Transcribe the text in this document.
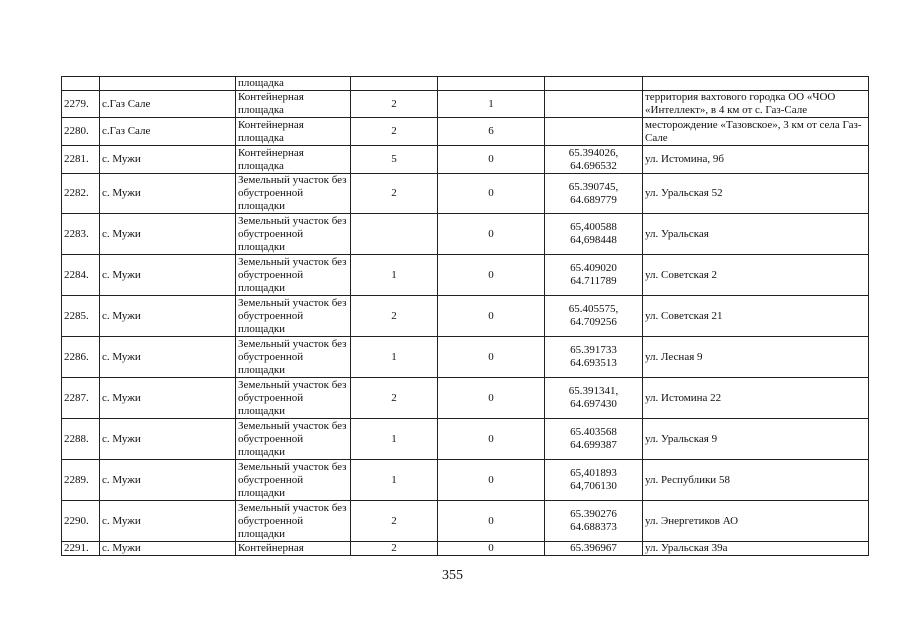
		площадка				
2279.	с.Газ Сале	Контейнерная площадка	2	1		территория вахтового городка ОО «ЧОО «Интеллект», в 4 км от с. Газ-Сале
2280.	с.Газ Сале	Контейнерная площадка	2	6		месторождение «Тазовское», 3 км от села Газ-Сале
2281.	с. Мужи	Контейнерная площадка	5	0	65.394026, 64.696532	ул. Истомина, 9б
2282.	с. Мужи	Земельный участок без обустроенной площадки	2	0	65.390745, 64.689779	ул. Уральская 52
2283.	с. Мужи	Земельный участок без обустроенной площадки		0	65,400588 64,698448	ул. Уральская
2284.	с. Мужи	Земельный участок без обустроенной площадки	1	0	65.409020 64.711789	ул. Советская 2
2285.	с. Мужи	Земельный участок без обустроенной площадки	2	0	65.405575, 64.709256	ул. Советская 21
2286.	с. Мужи	Земельный участок без обустроенной площадки	1	0	65.391733 64.693513	ул. Лесная 9
2287.	с. Мужи	Земельный участок без обустроенной площадки	2	0	65.391341, 64.697430	ул. Истомина 22
2288.	с. Мужи	Земельный участок без обустроенной площадки	1	0	65.403568 64.699387	ул. Уральская 9
2289.	с. Мужи	Земельный участок без обустроенной площадки	1	0	65,401893 64,706130	ул. Республики 58
2290.	с. Мужи	Земельный участок без обустроенной площадки	2	0	65.390276 64.688373	ул. Энергетиков АО
2291.	с. Мужи	Контейнерная	2	0	65.396967	ул. Уральская 39а
355
